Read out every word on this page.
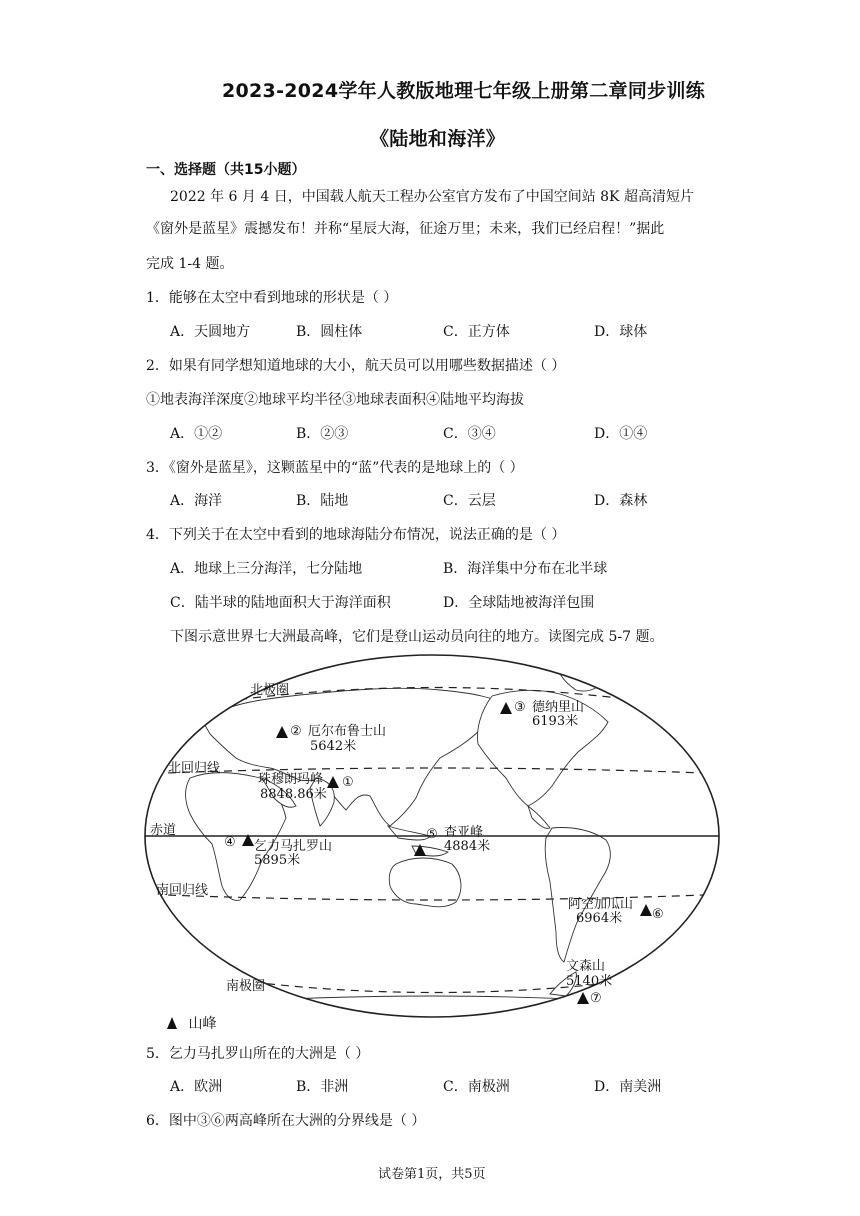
2023-2024学年人教版地理七年级上册第二章同步训练
《陆地和海洋》
一、选择题（共15小题）
2022 年 6 月 4 日，中国载人航天工程办公室官方发布了中国空间站 8K 超高清短片
《窗外是蓝星》震撼发布！并称“星辰大海，征途万里；未来，我们已经启程！”据此
完成 1-4 题。
1．能够在太空中看到地球的形状是（ ）
A．天圆地方	B．圆柱体	C．正方体	D．球体
2．如果有同学想知道地球的大小，航天员可以用哪些数据描述（ ）
①地表海洋深度②地球平均半径③地球表面积④陆地平均海拔
A．①②	B．②③	C．③④	D．①④
3．《窗外是蓝星》，这颗蓝星中的“蓝”代表的是地球上的（ ）
A．海洋	B．陆地	C．云层	D．森林
4．下列关于在太空中看到的地球海陆分布情况，说法正确的是（ ）
A．地球上三分海洋，七分陆地	B．海洋集中分布在北半球
C．陆半球的陆地面积大于海洋面积	D．全球陆地被海洋包围
下图示意世界七大洲最高峰，它们是登山运动员向往的地方。读图完成 5-7 题。
北极圈
北回归线
赤道
南回归线
南极圈
①
珠穆朗玛峰
8848.86米
② 厄尔布鲁士山
5642米
③ 德纳里山
6193米
④ 乞力马扎罗山
5895米
⑤ 查亚峰
4884米
⑥
阿空加瓜山
6964米
⑦
文森山
5140米
山峰
5．乞力马扎罗山所在的大洲是（ ）
A．欧洲	B．非洲	C．南极洲	D．南美洲
6．图中③⑥两高峰所在大洲的分界线是（ ）
试卷第1页，共5页
